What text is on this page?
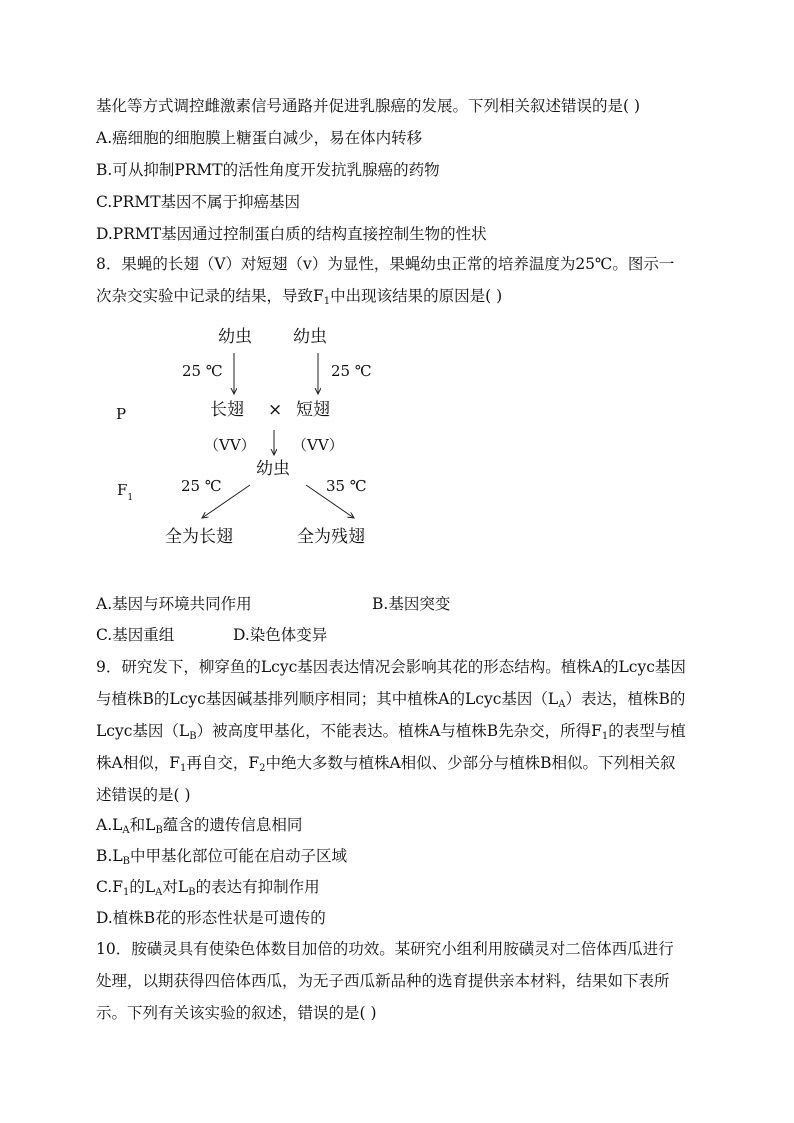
基化等方式调控雌激素信号通路并促进乳腺癌的发展。下列相关叙述错误的是( )
A.癌细胞的细胞膜上糖蛋白减少，易在体内转移
B.可从抑制PRMT的活性角度开发抗乳腺癌的药物
C.PRMT基因不属于抑癌基因
D.PRMT基因通过控制蛋白质的结构直接控制生物的性状
8．果蝇的长翅（V）对短翅（v）为显性，果蝇幼虫正常的培养温度为25℃。图示一
次杂交实验中记录的结果，导致$F_1$中出现该结果的原因是( )
幼虫 幼虫
25 ℃	25 ℃
P	长翅 × 短翅
（VV） （VV）
幼虫
$F_1$
25 ℃	35 ℃
全为长翅	全为残翅
A.基因与环境共同作用	B.基因突变
C.基因重组	D.染色体变异
9．研究发下，柳穿鱼的Lcyc基因表达情况会影响其花的形态结构。植株A的Lcyc基因
与植株B的Lcyc基因碱基排列顺序相同；其中植株A的Lcyc基因$(L_A)$表达，植株B的
Lcyc基因$(L_B)$被高度甲基化，不能表达。植株A与植株B先杂交，所得$F_1$的表型与植
株A相似，$F_1$再自交，$F_2$中绝大多数与植株A相似、少部分与植株B相似。下列相关叙
述错误的是( )
$A.L_A$和$L_B$蕴含的遗传信息相同
$B.L_B$中甲基化部位可能在启动子区域
$C.F_1$的$L_A$对$L_B$的表达有抑制作用
D.植株B花的形态性状是可遗传的
10．胺磺灵具有使染色体数目加倍的功效。某研究小组利用胺磺灵对二倍体西瓜进行
处理，以期获得四倍体西瓜，为无子西瓜新品种的选育提供亲本材料，结果如下表所
示。下列有关该实验的叙述，错误的是( )
